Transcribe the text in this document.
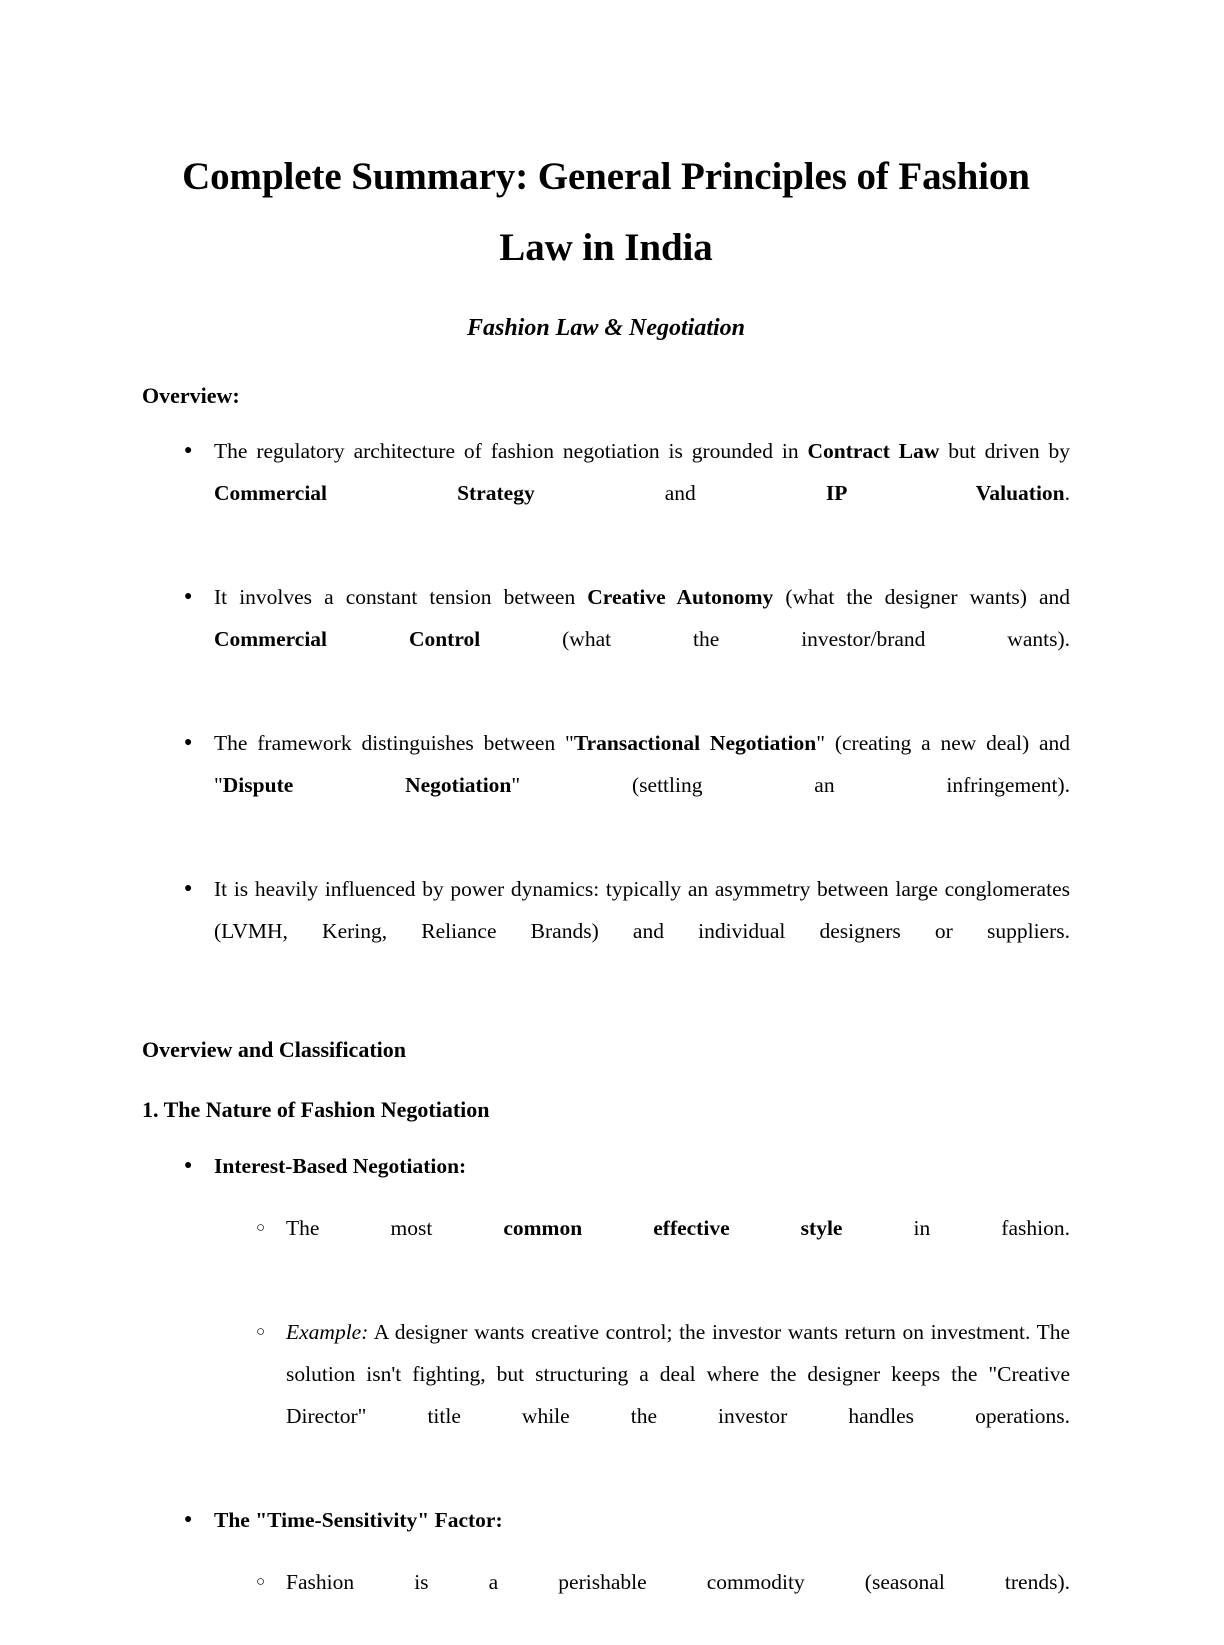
Complete Summary: General Principles of Fashion
Law in India
Fashion Law & Negotiation
Overview:
● The regulatory architecture of fashion negotiation is grounded in Contract Law but driven by Commercial Strategy and IP Valuation.
● It involves a constant tension between Creative Autonomy (what the designer wants) and Commercial Control (what the investor/brand wants).
● The framework distinguishes between "Transactional Negotiation" (creating a new deal) and "Dispute Negotiation" (settling an infringement).
● It is heavily influenced by power dynamics: typically an asymmetry between large conglomerates (LVMH, Kering, Reliance Brands) and individual designers or suppliers.
Overview and Classification
1. The Nature of Fashion Negotiation
● Interest-Based Negotiation:
○ The most common effective style in fashion.
○ Example: A designer wants creative control; the investor wants return on investment. The solution isn't fighting, but structuring a deal where the designer keeps the "Creative Director" title while the investor handles operations.
● The "Time-Sensitivity" Factor:
○ Fashion is a perishable commodity (seasonal trends).
